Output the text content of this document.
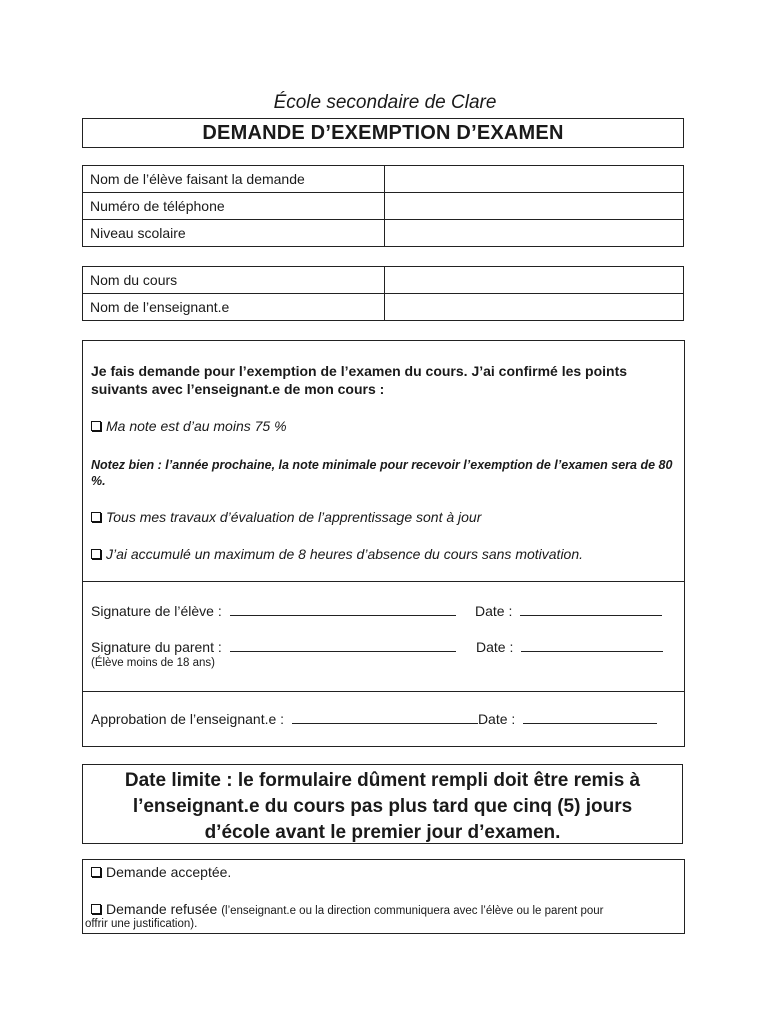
École secondaire de Clare
DEMANDE D’EXEMPTION D’EXAMEN
Nom de l’élève faisant la demande	
Numéro de téléphone	
Niveau scolaire	
Nom du cours	
Nom de l’enseignant.e	
Je fais demande pour l’exemption de l’examen du cours. J’ai confirmé les points suivants avec l’enseignant.e de mon cours :
Ma note est d’au moins 75 %
Notez bien : l’année prochaine, la note minimale pour recevoir l’exemption de l’examen sera de 80 %.
Tous mes travaux d’évaluation de l’apprentissage sont à jour
J’ai accumulé un maximum de 8 heures d’absence du cours sans motivation.
Signature de l’élève :	Date :
Signature du parent :	Date :
(Élève moins de 18 ans)
Approbation de l’enseignant.e :	Date :
Date limite : le formulaire dûment rempli doit être remis à
l’enseignant.e du cours pas plus tard que cinq (5) jours
d’école avant le premier jour d’examen.
Demande acceptée.
Demande refusée (l’enseignant.e ou la direction communiquera avec l’élève ou le parent pour
offrir une justification).
